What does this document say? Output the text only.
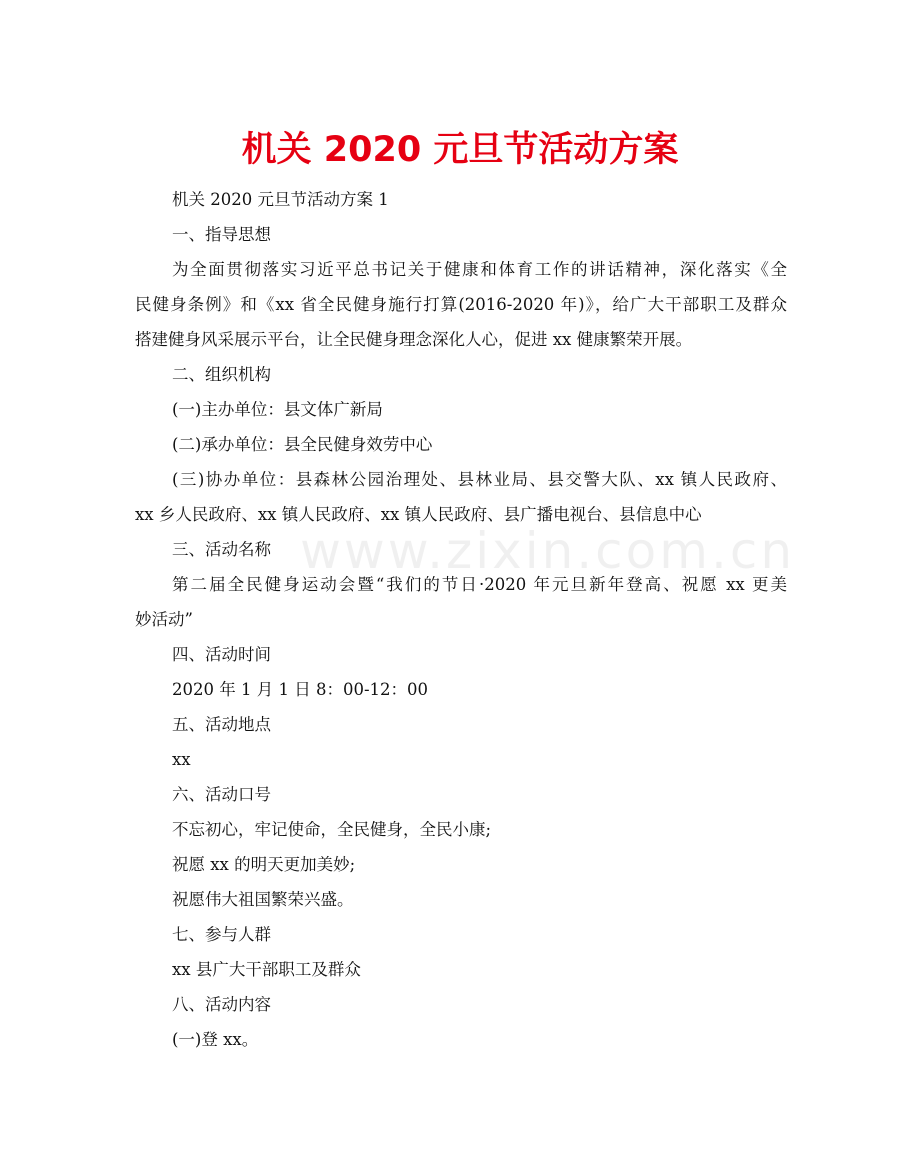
机关 2020 元旦节活动方案
www.zixin.com.cn
机关 2020 元旦节活动方案 1
一、指导思想
为全面贯彻落实习近平总书记关于健康和体育工作的讲话精神，深化落实《全
民健身条例》和《xx 省全民健身施行打算(2016-2020 年)》，给广大干部职工及群众
搭建健身风采展示平台，让全民健身理念深化人心，促进 xx 健康繁荣开展。
二、组织机构
(一)主办单位：县文体广新局
(二)承办单位：县全民健身效劳中心
(三)协办单位：县森林公园治理处、县林业局、县交警大队、xx 镇人民政府、
xx 乡人民政府、xx 镇人民政府、xx 镇人民政府、县广播电视台、县信息中心
三、活动名称
第二届全民健身运动会暨“我们的节日·2020 年元旦新年登高、祝愿 xx 更美
妙活动”
四、活动时间
2020 年 1 月 1 日 8：00-12：00
五、活动地点
xx
六、活动口号
不忘初心，牢记使命，全民健身，全民小康;
祝愿 xx 的明天更加美妙;
祝愿伟大祖国繁荣兴盛。
七、参与人群
xx 县广大干部职工及群众
八、活动内容
(一)登 xx。
